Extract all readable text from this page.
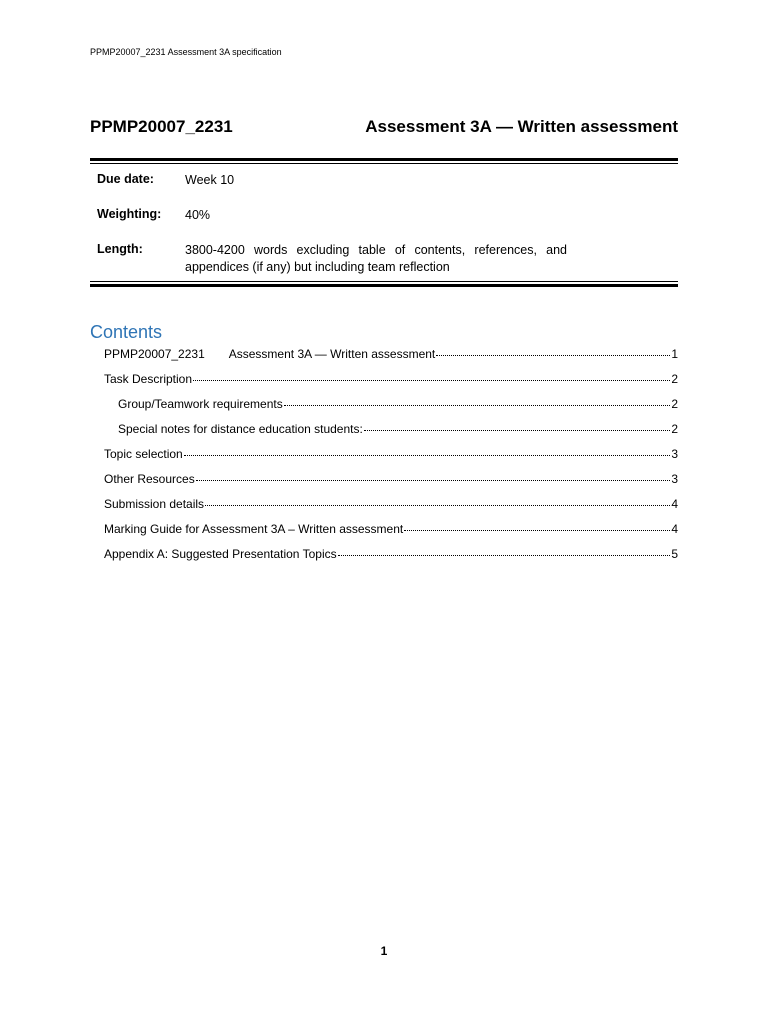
PPMP20007_2231 Assessment 3A specification
PPMP20007_2231	Assessment 3A — Written assessment
Due date:	Week 10
Weighting:	40%
Length:	3800-4200 words excluding table of contents, references, and
appendices (if any) but including team reflection
Contents
PPMP20007_2231 Assessment 3A — Written assessment	1
Task Description	2
Group/Teamwork requirements	2
Special notes for distance education students:	2
Topic selection	3
Other Resources	3
Submission details	4
Marking Guide for Assessment 3A – Written assessment	4
Appendix A: Suggested Presentation Topics	5
1
